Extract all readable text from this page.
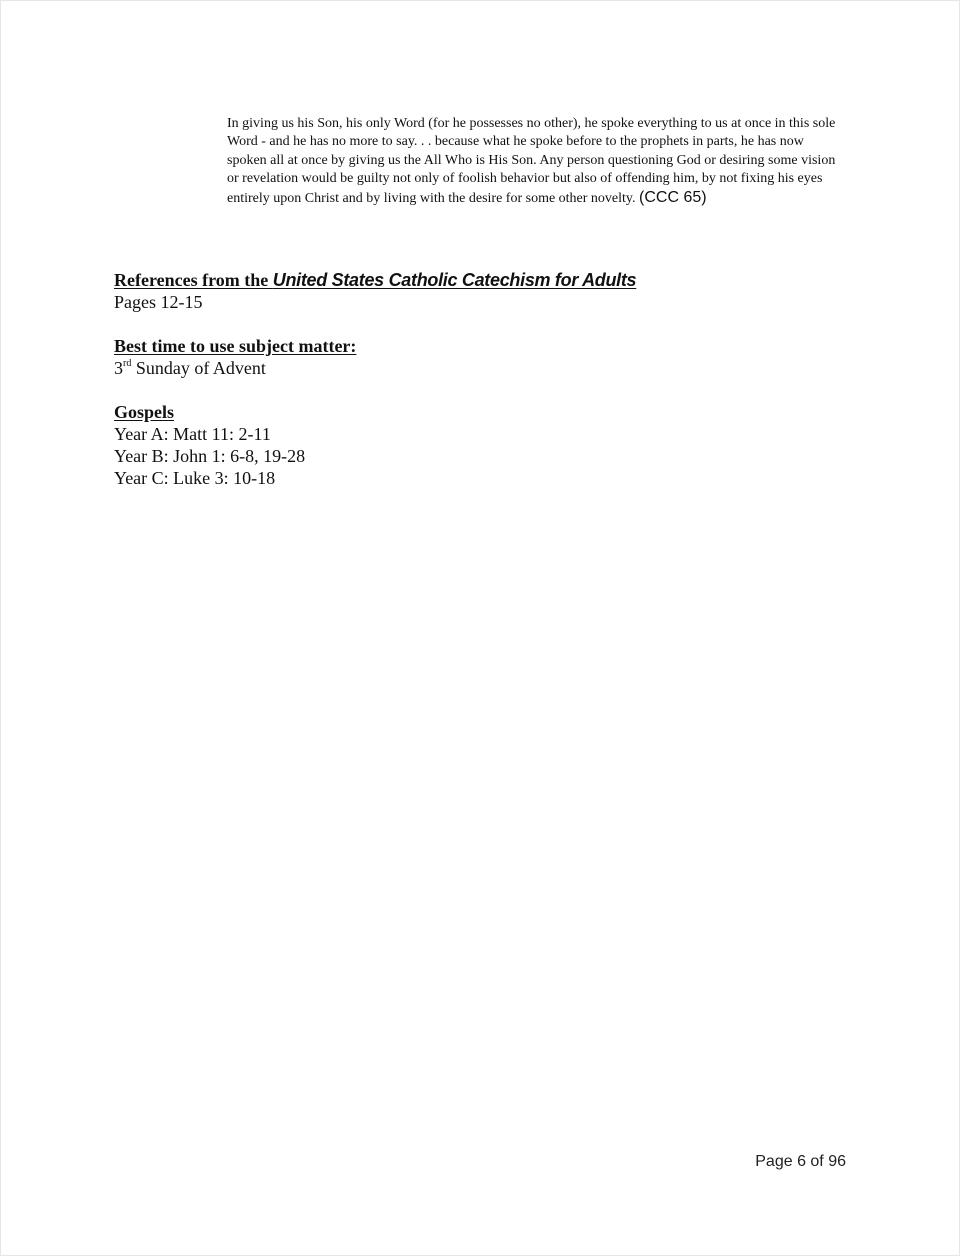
In giving us his Son, his only Word (for he possesses no other), he spoke everything to us at once in this sole Word - and he has no more to say. . . because what he spoke before to the prophets in parts, he has now spoken all at once by giving us the All Who is His Son. Any person questioning God or desiring some vision or revelation would be guilty not only of foolish behavior but also of offending him, by not fixing his eyes entirely upon Christ and by living with the desire for some other novelty. (CCC 65)
References from the United States Catholic Catechism for Adults
Pages 12-15
Best time to use subject matter:
3rd Sunday of Advent
Gospels
Year A: Matt 11: 2-11
Year B: John 1: 6-8, 19-28
Year C: Luke 3: 10-18
Page 6 of 96
